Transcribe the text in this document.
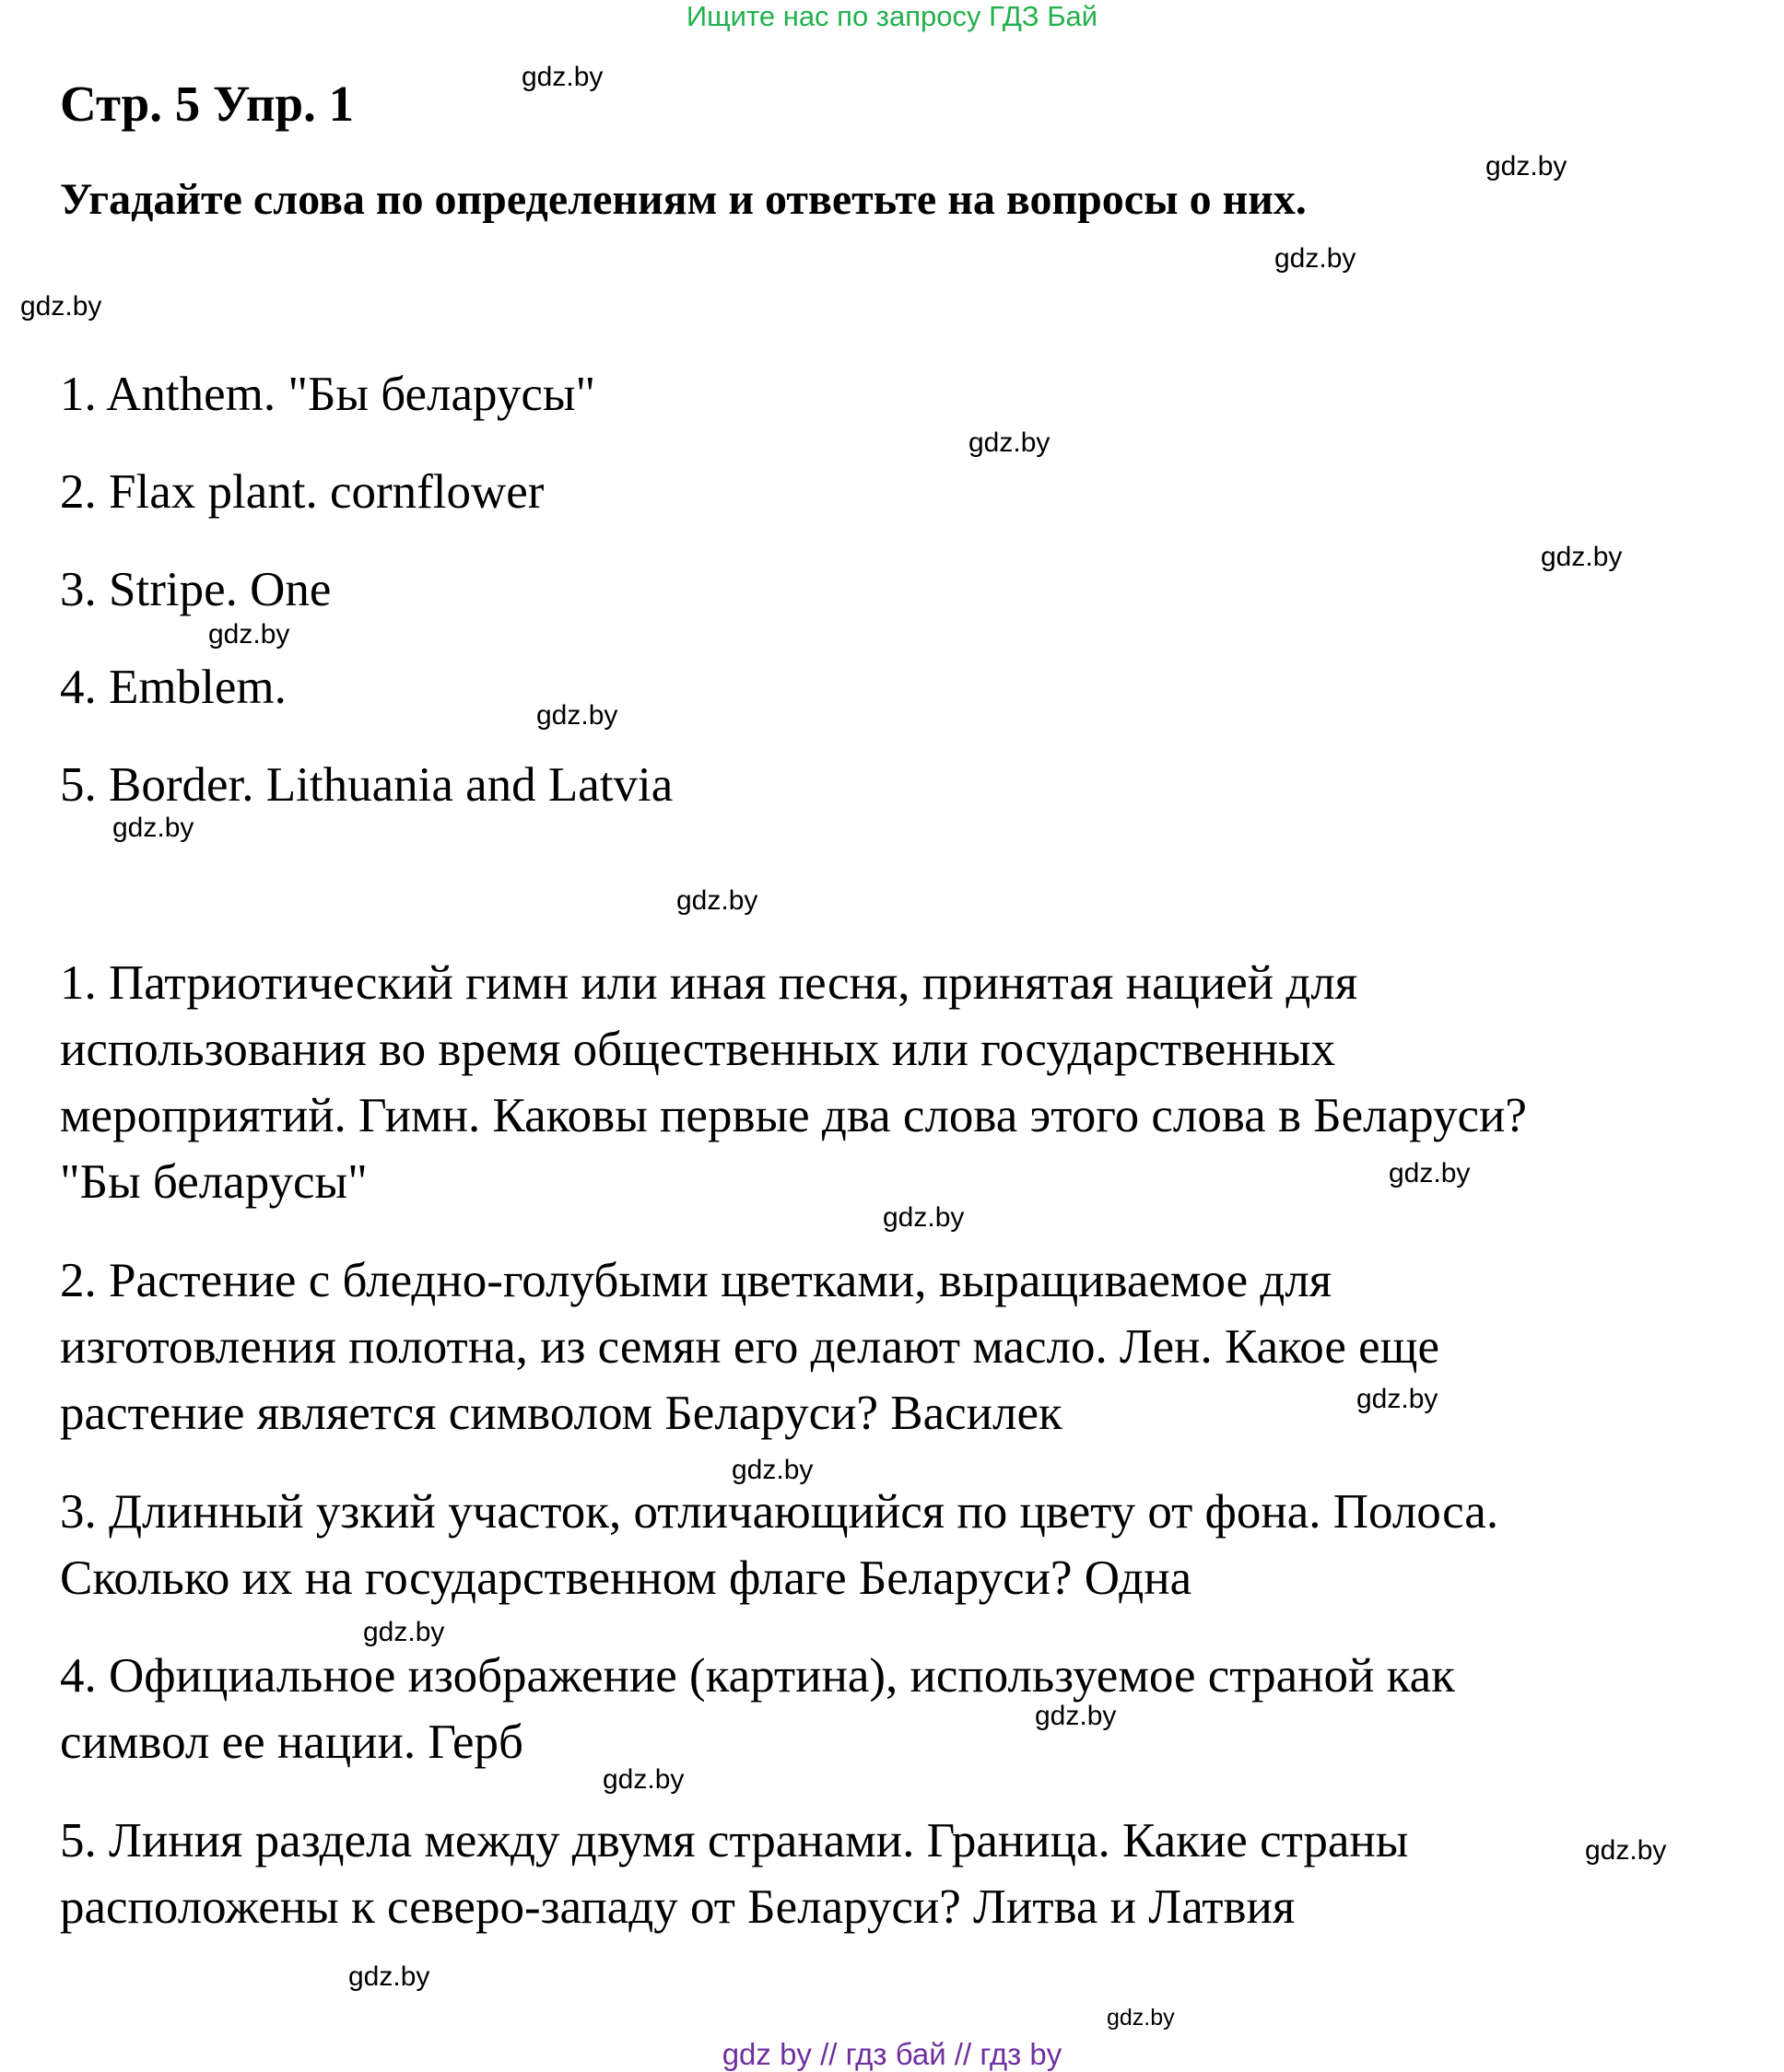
Ищите нас по запросу ГДЗ Бай
Стр. 5 Упр. 1
Угадайте слова по определениям и ответьте на вопросы о них.
1. Anthem. "Бы беларусы"
2. Flax plant. cornflower
3. Stripe. One
4. Emblem.
5. Border. Lithuania and Latvia
1. Патриотический гимн или иная песня, принятая нацией для
использования во время общественных или государственных
мероприятий. Гимн. Каковы первые два слова этого слова в Беларуси?
"Бы беларусы"
2. Растение с бледно-голубыми цветками, выращиваемое для
изготовления полотна, из семян его делают масло. Лен. Какое еще
растение является символом Беларуси? Василек
3. Длинный узкий участок, отличающийся по цвету от фона. Полоса.
Сколько их на государственном флаге Беларуси? Одна
4. Официальное изображение (картина), используемое страной как
символ ее нации. Герб
5. Линия раздела между двумя странами. Граница. Какие страны
расположены к северо-западу от Беларуси? Литва и Латвия
gdz.by
gdz.by
gdz.by
gdz.by
gdz.by
gdz.by
gdz.by
gdz.by
gdz.by
gdz.by
gdz.by
gdz.by
gdz.by
gdz.by
gdz.by
gdz.by
gdz.by
gdz.by
gdz.by
gdz.by
gdz by // гдз бай // гдз by
